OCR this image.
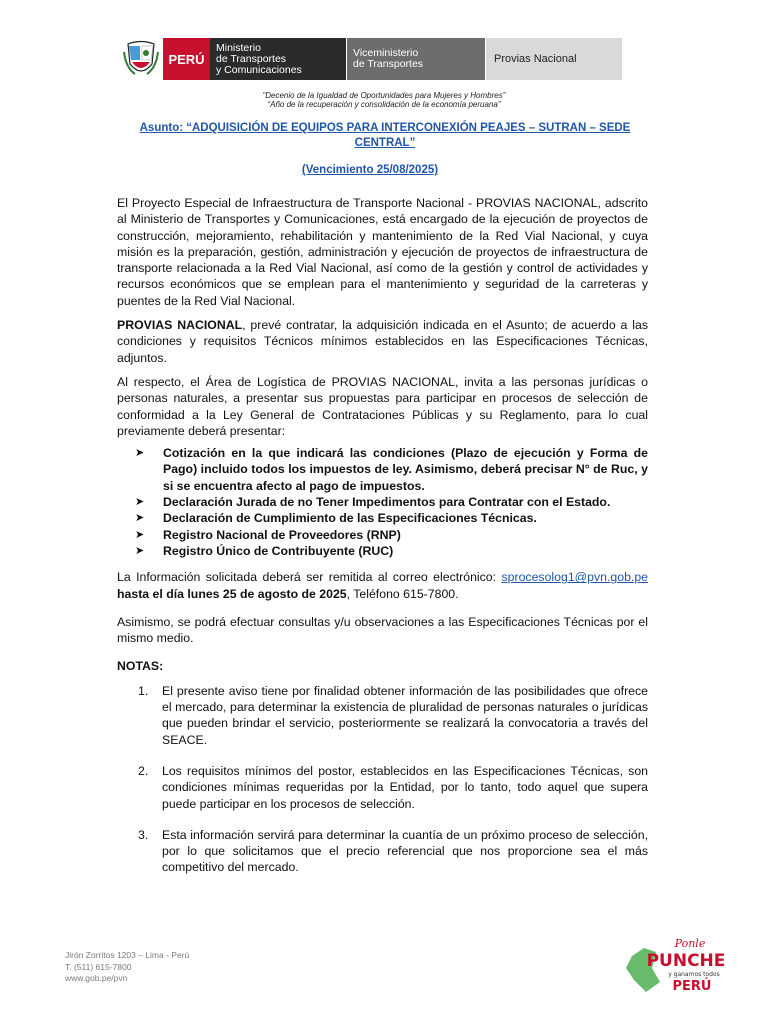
PERÚ
Ministerio
de Transportes
y Comunicaciones
Viceministerio
de Transportes	Provias Nacional
“Decenio de la Igualdad de Oportunidades para Mujeres y Hombres”
“Año de la recuperación y consolidación de la economía peruana”
Asunto: “ADQUISICIÓN DE EQUIPOS PARA INTERCONEXIÓN PEAJES – SUTRAN – SEDE CENTRAL”
(Vencimiento 25/08/2025)

El Proyecto Especial de Infraestructura de Transporte Nacional - PROVIAS NACIONAL, adscrito al Ministerio de Transportes y Comunicaciones, está encargado de la ejecución de proyectos de construcción, mejoramiento, rehabilitación y mantenimiento de la Red Vial Nacional, y cuya misión es la preparación, gestión, administración y ejecución de proyectos de infraestructura de transporte relacionada a la Red Vial Nacional, así como de la gestión y control de actividades y recursos económicos que se emplean para el mantenimiento y seguridad de la carreteras y puentes de la Red Vial Nacional.

PROVIAS NACIONAL, prevé contratar, la adquisición indicada en el Asunto; de acuerdo a las condiciones y requisitos Técnicos mínimos establecidos en las Especificaciones Técnicas, adjuntos.

Al respecto, el Área de Logística de PROVIAS NACIONAL, invita a las personas jurídicas o personas naturales, a presentar sus propuestas para participar en procesos de selección de conformidad a la Ley General de Contrataciones Públicas y su Reglamento, para lo cual previamente deberá presentar:

➤ Cotización en la que indicará las condiciones (Plazo de ejecución y Forma de Pago) incluido todos los impuestos de ley. Asimismo, deberá precisar N° de Ruc, y si se encuentra afecto al pago de impuestos.
➤ Declaración Jurada de no Tener Impedimentos para Contratar con el Estado.
➤ Declaración de Cumplimiento de las Especificaciones Técnicas.
➤ Registro Nacional de Proveedores (RNP)
➤ Registro Único de Contribuyente (RUC)

La Información solicitada deberá ser remitida al correo electrónico: sprocesolog1@pvn.gob.pe hasta el día lunes 25 de agosto de 2025, Teléfono 615-7800.

Asimismo, se podrá efectuar consultas y/u observaciones a las Especificaciones Técnicas por el mismo medio.

NOTAS:

1. El presente aviso tiene por finalidad obtener información de las posibilidades que ofrece el mercado, para determinar la existencia de pluralidad de personas naturales o jurídicas que pueden brindar el servicio, posteriormente se realizará la convocatoria a través del SEACE.
2. Los requisitos mínimos del postor, establecidos en las Especificaciones Técnicas, son condiciones mínimas requeridas por la Entidad, por lo tanto, todo aquel que supera puede participar en los procesos de selección.
3. Esta información servirá para determinar la cuantía de un próximo proceso de selección, por lo que solicitamos que el precio referencial que nos proporcione sea el más competitivo del mercado.
Jirón Zorritos 1203 – Lima - Perú
T. (511) 615-7800
www.gob.pe/pvn
Ponle
PUNCHE
y ganamos todos
PERÚ
